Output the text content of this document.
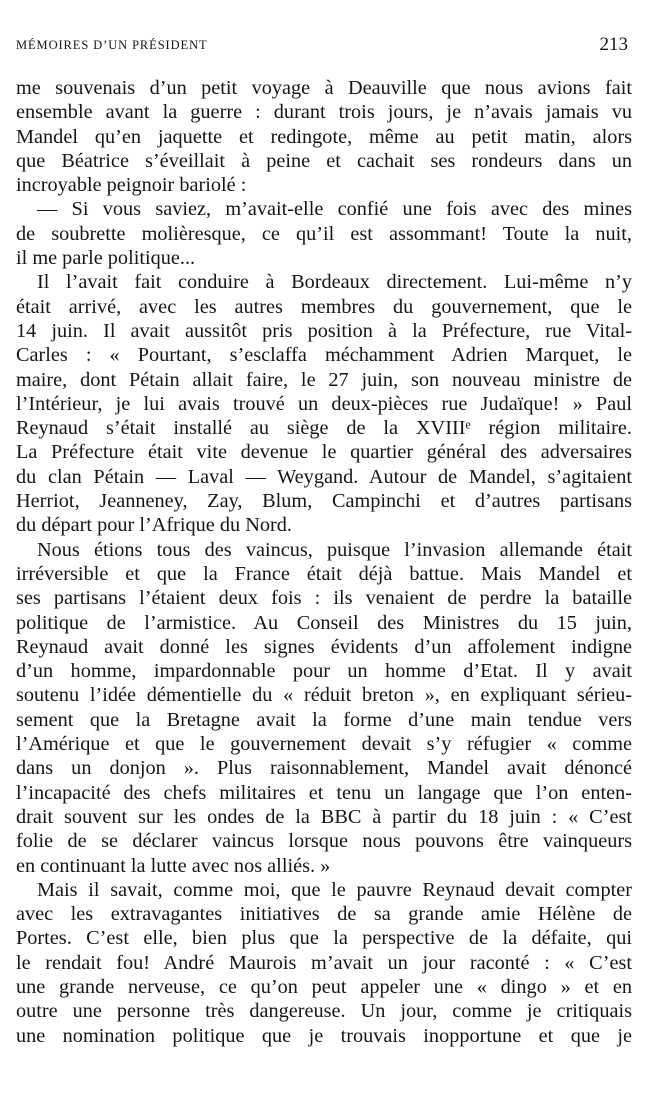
MÉMOIRES D’UN PRÉSIDENT	213
me souvenais d’un petit voyage à Deauville que nous avions fait
ensemble avant la guerre : durant trois jours, je n’avais jamais vu
Mandel qu’en jaquette et redingote, même au petit matin, alors
que Béatrice s’éveillait à peine et cachait ses rondeurs dans un
incroyable peignoir bariolé :
— Si vous saviez, m’avait-elle confié une fois avec des mines
de soubrette molièresque, ce qu’il est assommant! Toute la nuit,
il me parle politique...
Il l’avait fait conduire à Bordeaux directement. Lui-même n’y
était arrivé, avec les autres membres du gouvernement, que le
14 juin. Il avait aussitôt pris position à la Préfecture, rue Vital-
Carles : « Pourtant, s’esclaffa méchamment Adrien Marquet, le
maire, dont Pétain allait faire, le 27 juin, son nouveau ministre de
l’Intérieur, je lui avais trouvé un deux-pièces rue Judaïque! » Paul
Reynaud s’était installé au siège de la XVIIIᵉ région militaire.
La Préfecture était vite devenue le quartier général des adversaires
du clan Pétain — Laval — Weygand. Autour de Mandel, s’agitaient
Herriot, Jeanneney, Zay, Blum, Campinchi et d’autres partisans
du départ pour l’Afrique du Nord.
Nous étions tous des vaincus, puisque l’invasion allemande était
irréversible et que la France était déjà battue. Mais Mandel et
ses partisans l’étaient deux fois : ils venaient de perdre la bataille
politique de l’armistice. Au Conseil des Ministres du 15 juin,
Reynaud avait donné les signes évidents d’un affolement indigne
d’un homme, impardonnable pour un homme d’Etat. Il y avait
soutenu l’idée démentielle du « réduit breton », en expliquant sérieu-
sement que la Bretagne avait la forme d’une main tendue vers
l’Amérique et que le gouvernement devait s’y réfugier « comme
dans un donjon ». Plus raisonnablement, Mandel avait dénoncé
l’incapacité des chefs militaires et tenu un langage que l’on enten-
drait souvent sur les ondes de la BBC à partir du 18 juin : « C’est
folie de se déclarer vaincus lorsque nous pouvons être vainqueurs
en continuant la lutte avec nos alliés. »
Mais il savait, comme moi, que le pauvre Reynaud devait compter
avec les extravagantes initiatives de sa grande amie Hélène de
Portes. C’est elle, bien plus que la perspective de la défaite, qui
le rendait fou! André Maurois m’avait un jour raconté : « C’est
une grande nerveuse, ce qu’on peut appeler une « dingo » et en
outre une personne très dangereuse. Un jour, comme je critiquais
une nomination politique que je trouvais inopportune et que je
